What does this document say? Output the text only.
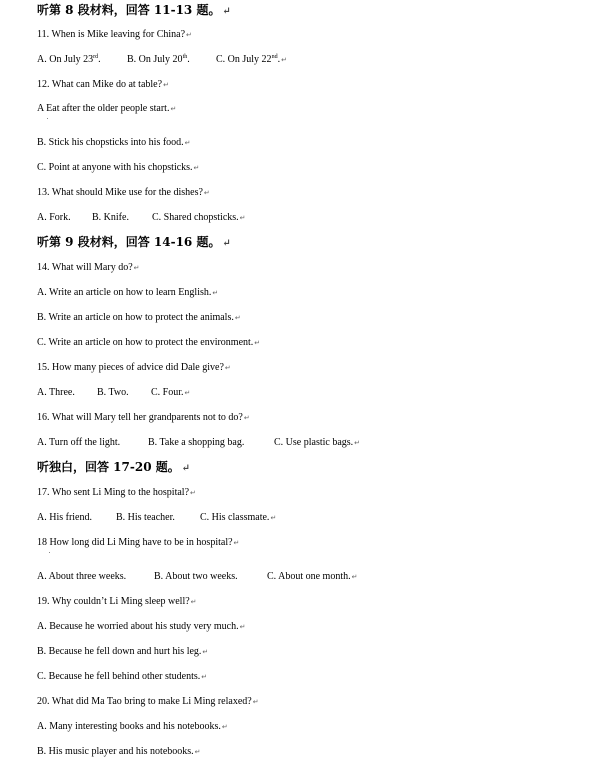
听第 8 段材料，回答 11-13 题。 ↵
11. When is Mike leaving for China?↵
A. On July 23rd.	B. On July 20th.	C. On July 22nd.↵
12. What can Mike do at table?↵
A Eat after the older people start.↵
B. Stick his chopsticks into his food.↵
C. Point at anyone with his chopsticks.↵
13. What should Mike use for the dishes?↵
A. Fork. B. Knife. C. Shared chopsticks.↵
听第 9 段材料，回答 14-16 题。 ↵
14. What will Mary do?↵
A. Write an article on how to learn English.↵
B. Write an article on how to protect the animals.↵
C. Write an article on how to protect the environment.↵
15. How many pieces of advice did Dale give?↵
A. Three. B. Two. C. Four.↵
16. What will Mary tell her grandparents not to do?↵
A. Turn off the light.	B. Take a shopping bag.	C. Use plastic bags.↵
听独白，回答 17-20 题。 ↵
17. Who sent Li Ming to the hospital?↵
A. His friend. B. His teacher.	C. His classmate.↵
18 How long did Li Ming have to be in hospital?↵
A. About three weeks.	B. About two weeks.	C. About one month.↵
19. Why couldn’t Li Ming sleep well?↵
A. Because he worried about his study very much.↵
B. Because he fell down and hurt his leg.↵
C. Because he fell behind other students.↵
20. What did Ma Tao bring to make Li Ming relaxed?↵
A. Many interesting books and his notebooks.↵
B. His music player and his notebooks.↵
